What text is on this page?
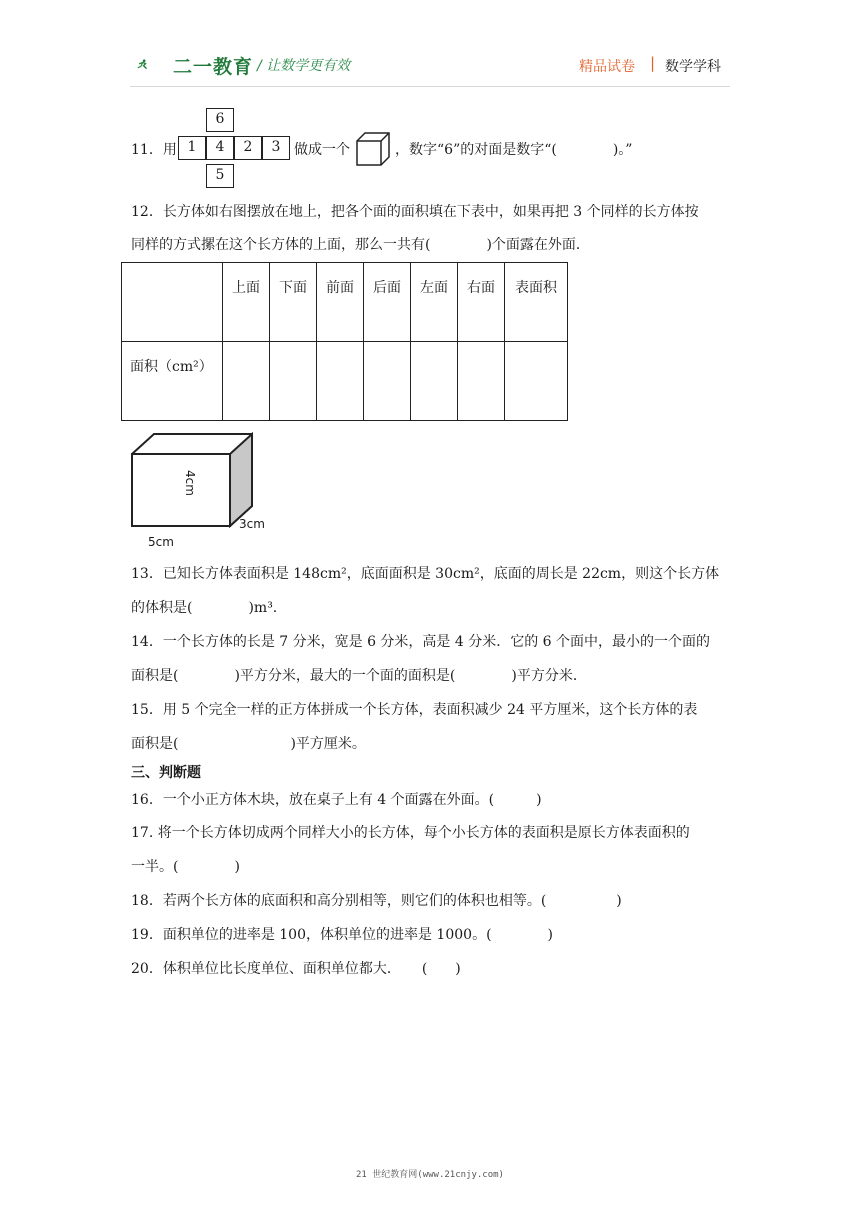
二一教育 / 让数学更有效	精品试卷 | 数学学科
11．用
6
1	4	2	3
5
做成一个	，数字“6”的对面是数字“(　　　　)。”
12．长方体如右图摆放在地上，把各个面的面积填在下表中，如果再把 3 个同样的长方体按
同样的方式摞在这个长方体的上面，那么一共有(　　　　)个面露在外面．
	上面	下面	前面	后面	左面	右面	表面积
面积（cm²）							
4cm
3cm
5cm
13．已知长方体表面积是 148cm²，底面面积是 30cm²，底面的周长是 22cm，则这个长方体
的体积是(　　　　)m³.
14．一个长方体的长是 7 分米，宽是 6 分米，高是 4 分米．它的 6 个面中，最小的一个面的
面积是(　　　　)平方分米，最大的一个面的面积是(　　　　)平方分米．
15．用 5 个完全一样的正方体拼成一个长方体，表面积减少 24 平方厘米，这个长方体的表
面积是(　　　　　　　　)平方厘米。
三、判断题
16．一个小正方体木块，放在桌子上有 4 个面露在外面。(　　　)
17. 将一个长方体切成两个同样大小的长方体，每个小长方体的表面积是原长方体表面积的
一半。(　　　　)
18．若两个长方体的底面积和高分别相等，则它们的体积也相等。(　　　　　)
19．面积单位的进率是 100，体积单位的进率是 1000。(　　　　)
20．体积单位比长度单位、面积单位都大．　　(　　)
21 世纪教育网(www.21cnjy.com)
